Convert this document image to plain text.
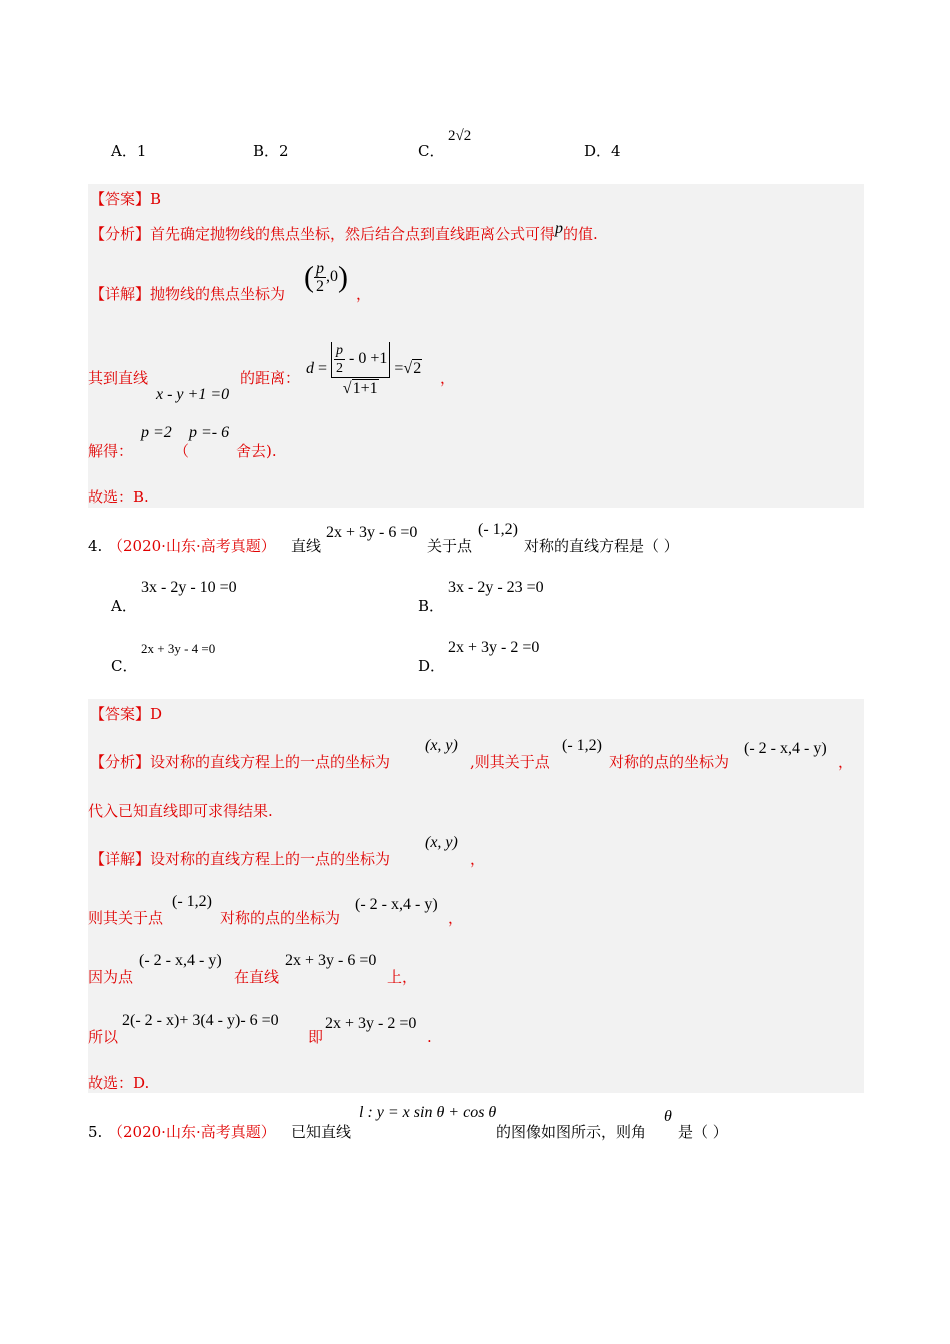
A．1	B．2	C．
2√2
D．4
【答案】B
【分析】首先确定抛物线的焦点坐标，然后结合点到直线距离公式可得p的值.
【详解】抛物线的焦点坐标为
( $\frac{p}{2} ,0$)
，
其到直线
x - y +1 =0
的距离：
$d = \frac{\frac{p}{2} - 0 +1}{√1+1} =√2$
，
解得：
p =2
（
p =- 6
舍去).
故选：B.
4. （2020·山东·高考真题） 直线
2x + 3y - 6 =0
关于点
(- 1,2)
对称的直线方程是（ ）
A．
3x - 2y - 10 =0
B．
3x - 2y - 23 =0
C．
2x + 3y - 4 =0
D．
2x + 3y - 2 =0
【答案】D
【分析】设对称的直线方程上的一点的坐标为
(x, y)
,则其关于点
(- 1,2)
对称的点的坐标为
(- 2 - x,4 - y)
，
代入已知直线即可求得结果.
【详解】设对称的直线方程上的一点的坐标为
(x, y)
，
则其关于点
(- 1,2)
对称的点的坐标为
(- 2 - x,4 - y)
，
因为点
(- 2 - x,4 - y)
在直线
2x + 3y - 6 =0
上，
所以
2(- 2 - x)+ 3(4 - y)- 6 =0
即
2x + 3y - 2 =0
.
故选：D.
5. （2020·山东·高考真题） 已知直线
l : y = x sin θ + cos θ
的图像如图所示，则角
θ
是（ ）
